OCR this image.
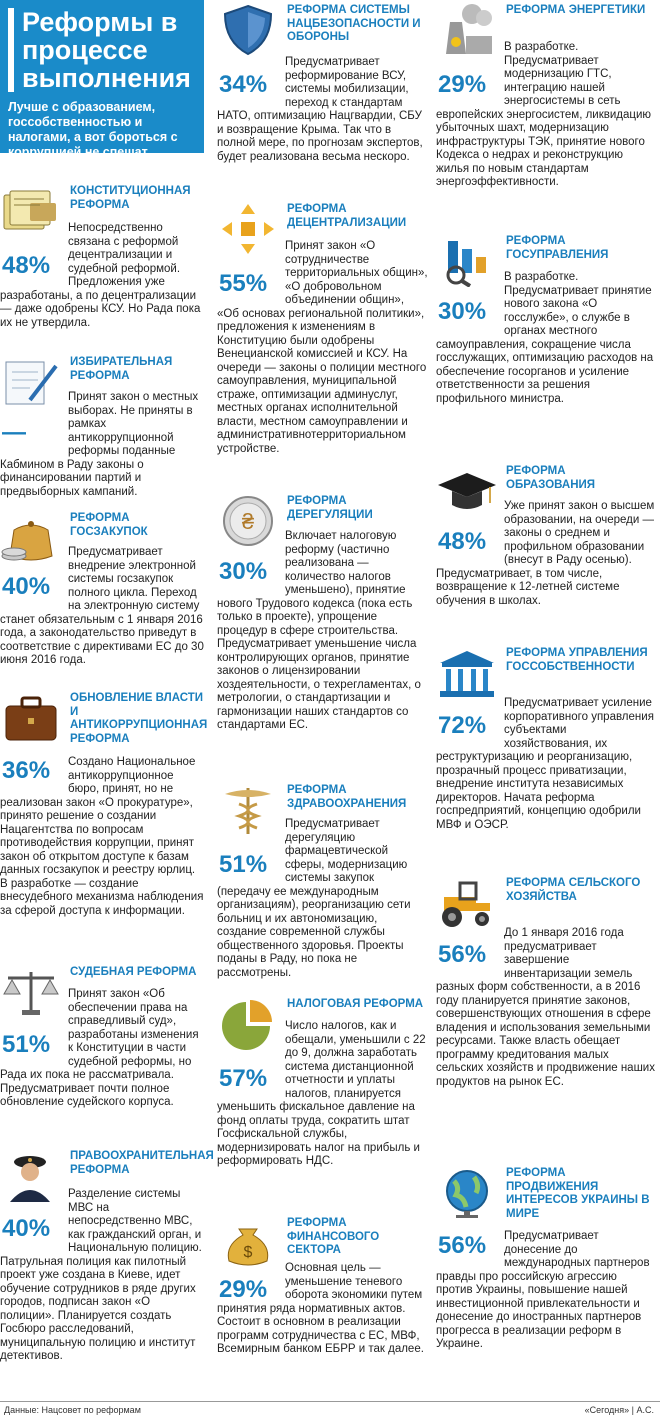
Реформы в процессе выполнения
Лучше с образованием, госсобственностью и налогами, а вот бороться с коррупцией не спешат
КОНСТИТУЦИОННАЯ РЕФОРМА
48%
Непосредственно связана с реформой децентрализации и судебной реформой. Предложения уже разработаны, а по децентрализации — даже одобрены КСУ. Но Рада пока их не утвердила.
ИЗБИРАТЕЛЬНАЯ РЕФОРМА
—
Принят закон о местных выборах. Не приняты в рамках антикоррупционной реформы поданные Кабмином в Раду законы о финансировании партий и предвыборных кампаний.
РЕФОРМА ГОСЗАКУПОК
40%
Предусматривает внедрение электронной системы госзакупок полного цикла. Переход на электронную систему станет обязательным с 1 января 2016 года, а законодательство приведут в соответствие с директивами ЕС до 30 июня 2016 года.
ОБНОВЛЕНИЕ ВЛАСТИ И АНТИКОРРУПЦИОННАЯ РЕФОРМА
36%	Создано Национальное антикоррупционное бюро, принят, но не реализован закон «О прокуратуре», принято решение о создании Нацагентства по вопросам противодействия коррупции, принят закон об открытом доступе к базам данных госзакупок и реестру юрлиц. В разработке — создание внесудебного механизма наблюдения за сферой доступа к информации.
СУДЕБНАЯ РЕФОРМА
51%
Принят закон «Об обеспечении права на справедливый суд», разработаны изменения к Конституции в части судебной реформы, но Рада их пока не рассматривала. Предусматривает почти полное обновление судейского корпуса.
ПРАВООХРАНИТЕЛЬНАЯ РЕФОРМА
40%
Разделение системы МВС на непосредственно МВС, как гражданский орган, и Национальную полицию. Патрульная полиция как пилотный проект уже создана в Киеве, идет обучение сотрудников в ряде других городов, подписан закон «О полиции». Планируется создать Госбюро расследований, муниципальную полицию и институт детективов.
РЕФОРМА СИСТЕМЫ НАЦБЕЗОПАСНОСТИ И ОБОРОНЫ
34%
Предусматривает реформирование ВСУ, системы мобилизации, переход к стандартам НАТО, оптимизацию Нацгвардии, СБУ и возвращение Крыма. Так что в полной мере, по прогнозам экспертов, будет реализована весьма нескоро.
РЕФОРМА ДЕЦЕНТРАЛИЗАЦИИ
55%
Принят закон «О сотрудничестве территориальных общин», «О добровольном объединении общин», «Об основах региональной политики», предложения к изменениям в Конституцию были одобрены Венецианской комиссией и КСУ. На очереди — законы о полиции местного самоуправления, муниципальной страже, оптимизации админуслуг, местных органах исполнительной власти, местном самоуправлении и административнотерриториальном устройстве.
₴
РЕФОРМА ДЕРЕГУЛЯЦИИ
30%
Включает налоговую реформу (частично реализована — количество налогов уменьшено), принятие нового Трудового кодекса (пока есть только в проекте), упрощение процедур в сфере строительства. Предусматривает уменьшение числа контролирующих органов, принятие законов о лицензировании хоздеятельности, о техрегламентах, о метрологии, о стандартизации и гармонизации наших стандартов со стандартами ЕС.
РЕФОРМА ЗДРАВООХРАНЕНИЯ
51%
Предусматривает дерегуляцию фармацевтической сферы, модернизацию системы закупок (передачу ее международным организациям), реорганизацию сети больниц и их автономизацию, создание современной службы общественного здоровья. Проекты поданы в Раду, но пока не рассмотрены.
НАЛОГОВАЯ РЕФОРМА
57%
Число налогов, как и обещали, уменьшили с 22 до 9, должна заработать система дистанционной отчетности и уплаты налогов, планируется уменьшить фискальное давление на фонд оплаты труда, сократить штат Госфискальной службы, модернизировать налог на прибыль и реформировать НДС.
$
РЕФОРМА ФИНАНСОВОГО СЕКТОРА
29%
Основная цель — уменьшение теневого оборота экономики путем принятия ряда нормативных актов. Состоит в основном в реализации программ сотрудничества с ЕС, МВФ, Всемирным банком ЕБРР и так далее.
РЕФОРМА ЭНЕРГЕТИКИ
29%
В разработке. Предусматривает модернизацию ГТС, интеграцию нашей энергосистемы в сеть европейских энергосистем, ликвидацию убыточных шахт, модернизацию инфраструктуры ТЭК, принятие нового Кодекса о недрах и реконструкцию жилья по новым стандартам энергоэффективности.
РЕФОРМА ГОСУПРАВЛЕНИЯ
30%
В разработке. Предусматривает принятие нового закона «О госслужбе», о службе в органах местного самоуправления, сокращение числа госслужащих, оптимизацию расходов на обеспечение госорганов и усиление ответственности за решения профильного министра.
РЕФОРМА ОБРАЗОВАНИЯ
48%
Уже принят закон о высшем образовании, на очереди — законы о среднем и профильном образовании (внесут в Раду осенью). Предусматривает, в том числе, возвращение к 12-летней системе обучения в школах.
РЕФОРМА УПРАВЛЕНИЯ ГОССОБСТВЕННОСТИ
72%
Предусматривает усиление корпоративного управления субъектами хозяйствования, их реструктуризацию и реорганизацию, прозрачный процесс приватизации, внедрение института независимых директоров. Начата реформа госпредприятий, концепцию одобрили МВФ и ОЭСР.
РЕФОРМА СЕЛЬСКОГО ХОЗЯЙСТВА
56%
До 1 января 2016 года предусматривает завершение инвентаризации земель разных форм собственности, а в 2016 году планируется принятие законов, совершенствующих отношения в сфере владения и использования земельными ресурсами. Также власть обещает программу кредитования малых сельских хозяйств и продвижение наших продуктов на рынок ЕС.
РЕФОРМА ПРОДВИЖЕНИЯ ИНТЕРЕСОВ УКРАИНЫ В МИРЕ
56%	Предусматривает донесение до международных партнеров правды про российскую агрессию против Украины, повышение нашей инвестиционной привлекательности и донесение до иностранных партнеров прогресса в реализации реформ в Украине.
Данные: Нацсовет по реформам	«Сегодня» | А.С.
